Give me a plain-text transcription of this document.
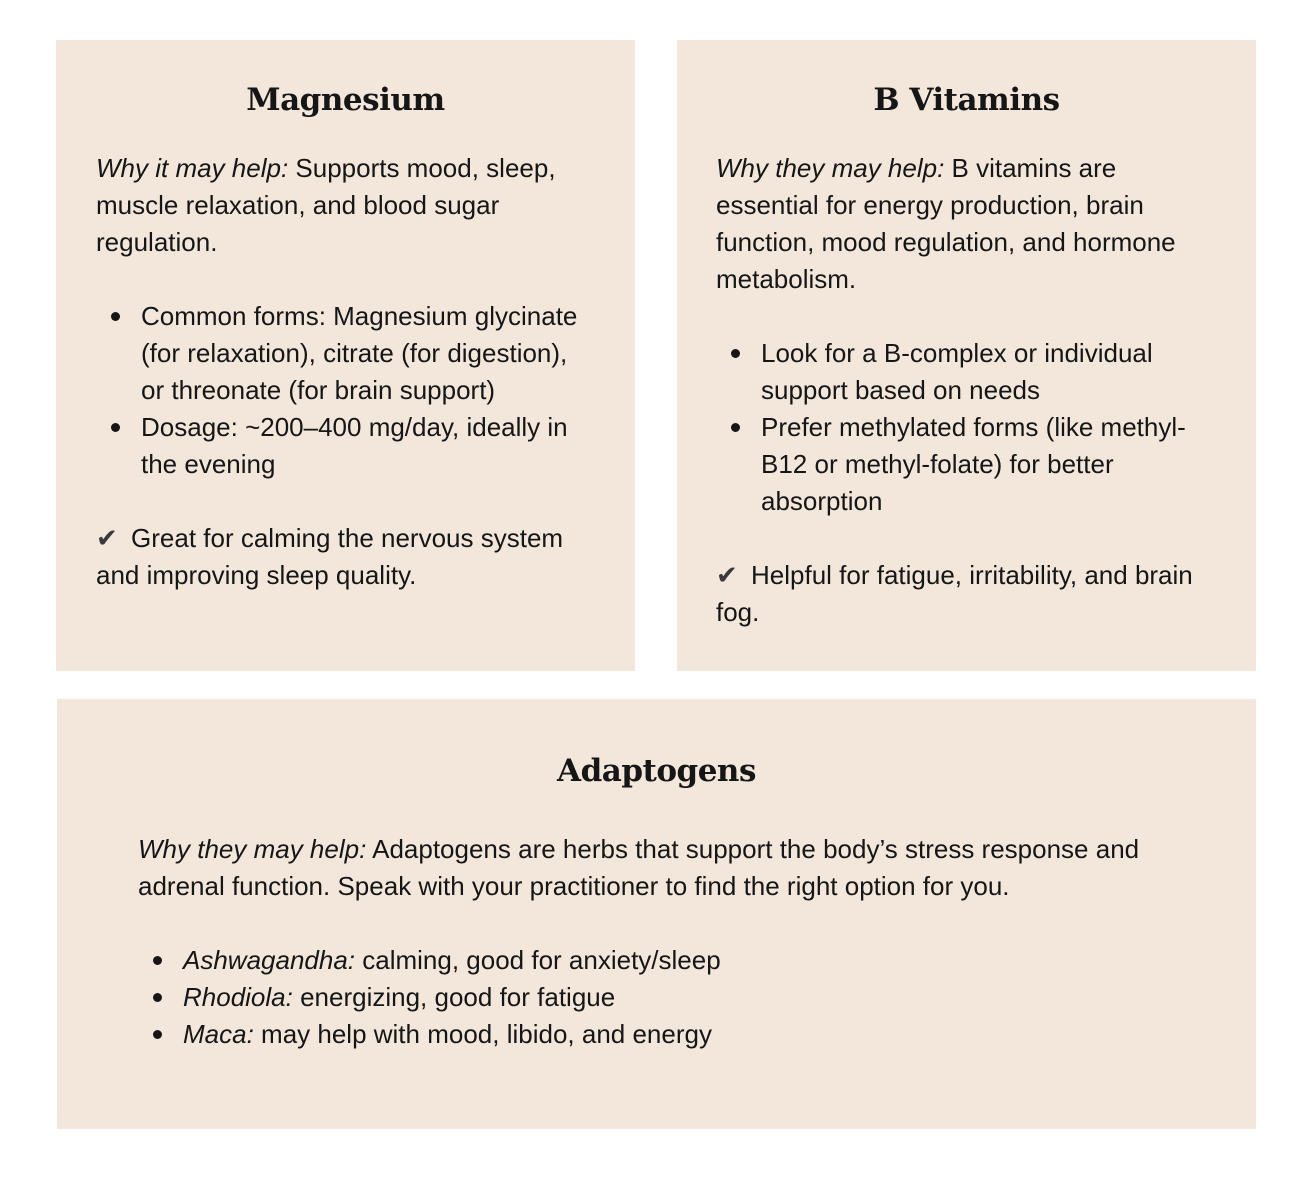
Magnesium

Why it may help: Supports mood, sleep, muscle relaxation, and blood sugar regulation.

Common forms: Magnesium glycinate (for relaxation), citrate (for digestion), or threonate (for brain support)
Dosage: ~200–400 mg/day, ideally in the evening

✔ Great for calming the nervous system and improving sleep quality.

B Vitamins

Why they may help: B vitamins are essential for energy production, brain function, mood regulation, and hormone metabolism.

Look for a B-complex or individual support based on needs
Prefer methylated forms (like methyl-B12 or methyl-folate) for better absorption

✔ Helpful for fatigue, irritability, and brain fog.

Adaptogens

Why they may help: Adaptogens are herbs that support the body’s stress response and adrenal function. Speak with your practitioner to find the right option for you.

Ashwagandha: calming, good for anxiety/sleep
Rhodiola: energizing, good for fatigue
Maca: may help with mood, libido, and energy
